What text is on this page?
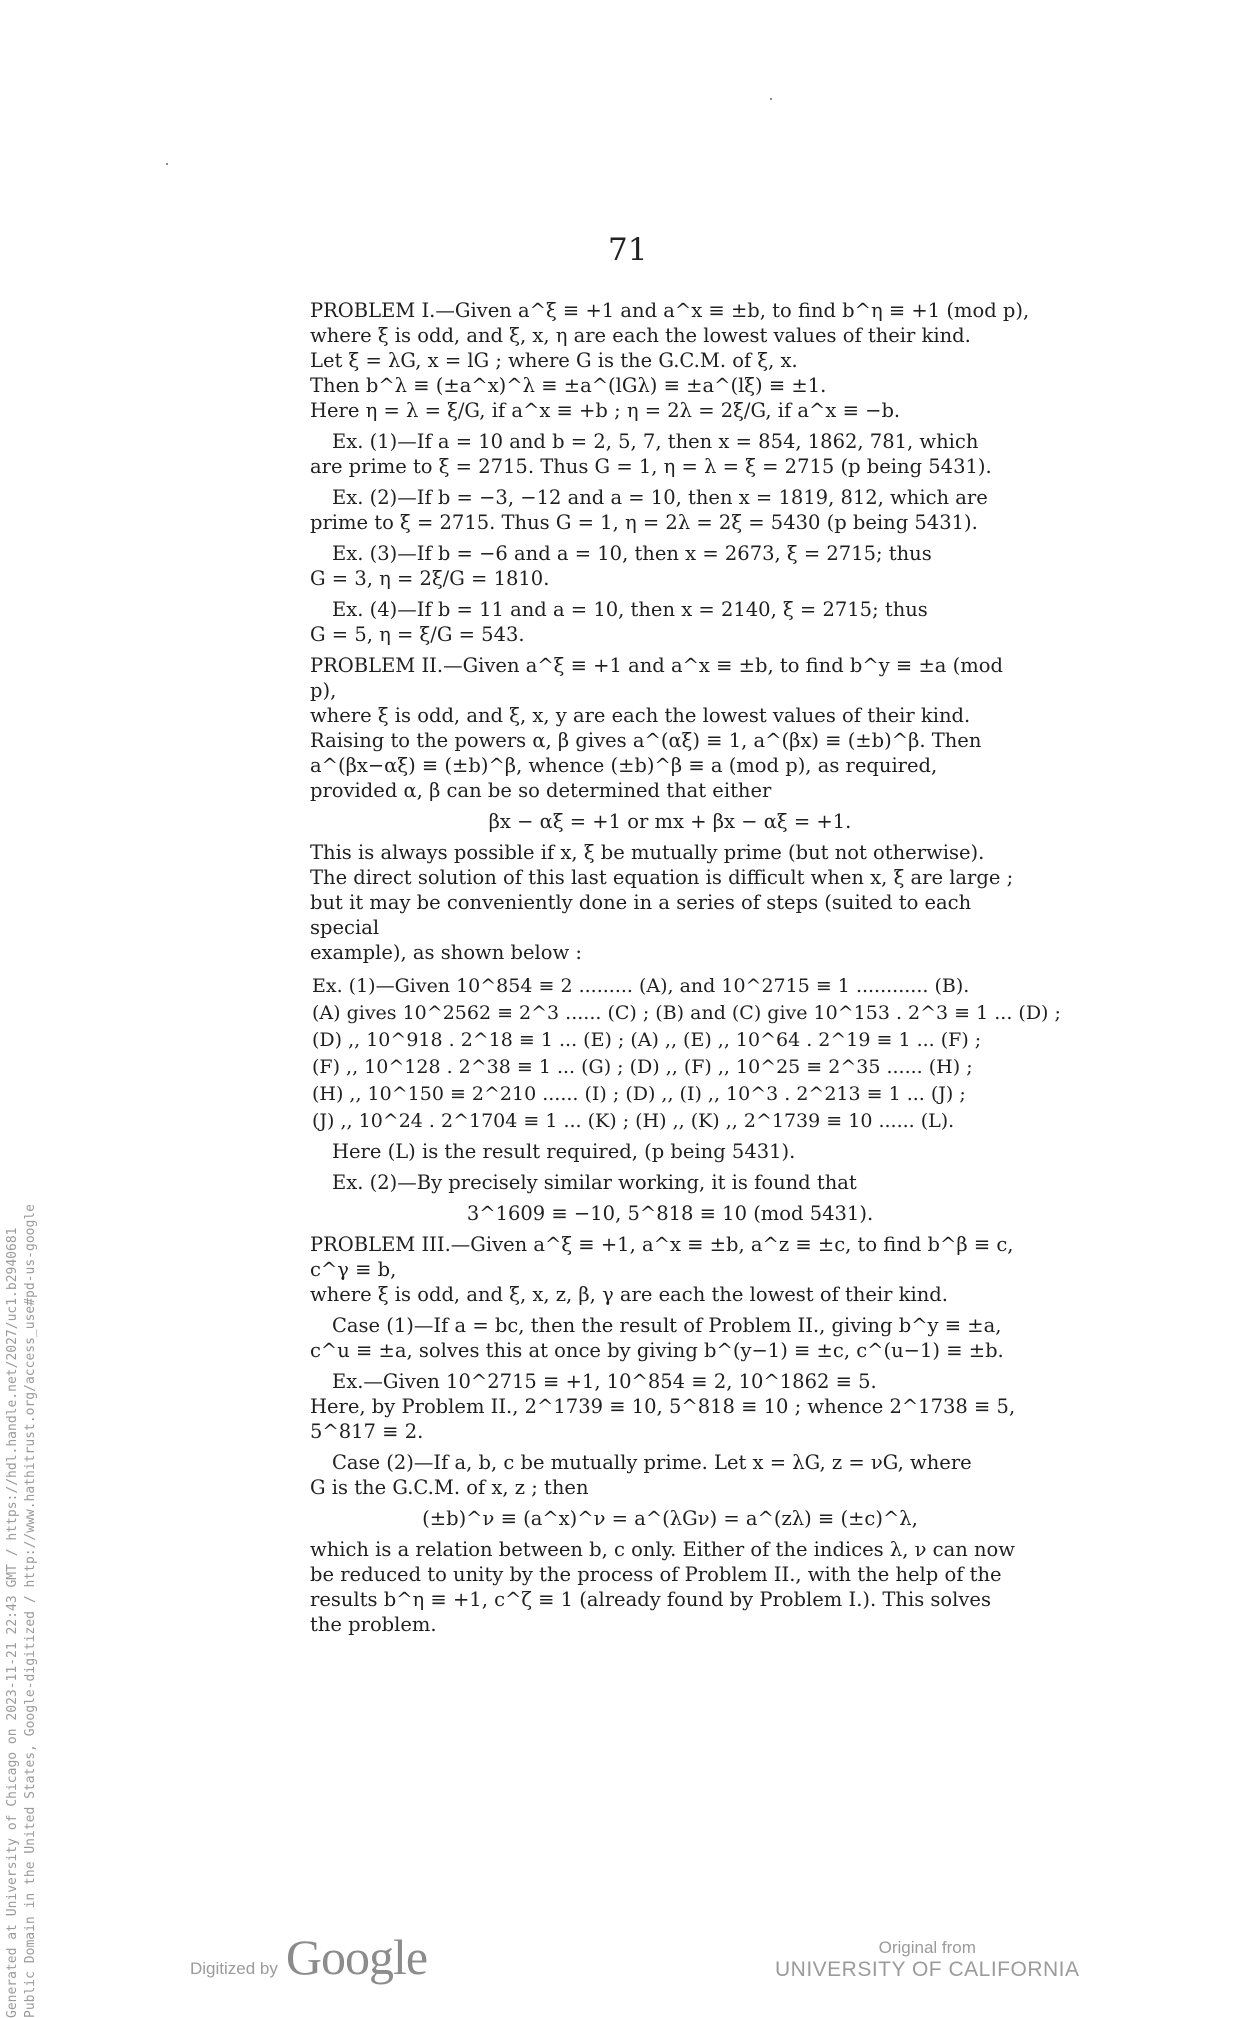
71

PROBLEM I.—Given a^ξ ≡ +1 and a^x ≡ ±b, to find b^η ≡ +1 (mod p),
where ξ is odd, and ξ, x, η are each the lowest values of their kind.
Let ξ = λG, x = lG ; where G is the G.C.M. of ξ, x.
Then b^λ ≡ (±a^x)^λ ≡ ±a^(lGλ) ≡ ±a^(lξ) ≡ ±1.
Here η = λ = ξ/G, if a^x ≡ +b ; η = 2λ = 2ξ/G, if a^x ≡ −b.

Ex. (1)—If a = 10 and b = 2, 5, 7, then x = 854, 1862, 781, which
are prime to ξ = 2715. Thus G = 1, η = λ = ξ = 2715 (p being 5431).

Ex. (2)—If b = −3, −12 and a = 10, then x = 1819, 812, which are
prime to ξ = 2715. Thus G = 1, η = 2λ = 2ξ = 5430 (p being 5431).

Ex. (3)—If b = −6 and a = 10, then x = 2673, ξ = 2715; thus
G = 3, η = 2ξ/G = 1810.

Ex. (4)—If b = 11 and a = 10, then x = 2140, ξ = 2715; thus
G = 5, η = ξ/G = 543.

PROBLEM II.—Given a^ξ ≡ +1 and a^x ≡ ±b, to find b^y ≡ ±a (mod p),
where ξ is odd, and ξ, x, y are each the lowest values of their kind.
Raising to the powers α, β gives a^(αξ) ≡ 1, a^(βx) ≡ (±b)^β. Then
a^(βx−αξ) ≡ (±b)^β, whence (±b)^β ≡ a (mod p), as required,
provided α, β can be so determined that either

βx − αξ = +1 or mx + βx − αξ = +1.

This is always possible if x, ξ be mutually prime (but not otherwise).
The direct solution of this last equation is difficult when x, ξ are large ;
but it may be conveniently done in a series of steps (suited to each special
example), as shown below :

Ex. (1)—Given 10^854 ≡ 2 ......... (A), and 10^2715 ≡ 1 ............ (B).
(A) gives 10^2562 ≡ 2^3 ...... (C) ; (B) and (C) give 10^153 . 2^3 ≡ 1 ... (D) ;
(D) ,, 10^918 . 2^18 ≡ 1 ... (E) ; (A) ,, (E) ,, 10^64 . 2^19 ≡ 1 ... (F) ;
(F) ,, 10^128 . 2^38 ≡ 1 ... (G) ; (D) ,, (F) ,, 10^25 ≡ 2^35 ...... (H) ;
(H) ,, 10^150 ≡ 2^210 ...... (I) ; (D) ,, (I) ,, 10^3 . 2^213 ≡ 1 ... (J) ;
(J) ,, 10^24 . 2^1704 ≡ 1 ... (K) ; (H) ,, (K) ,, 2^1739 ≡ 10 ...... (L).

Here (L) is the result required, (p being 5431).

Ex. (2)—By precisely similar working, it is found that

3^1609 ≡ −10, 5^818 ≡ 10 (mod 5431).

PROBLEM III.—Given a^ξ ≡ +1, a^x ≡ ±b, a^z ≡ ±c, to find b^β ≡ c, c^γ ≡ b,
where ξ is odd, and ξ, x, z, β, γ are each the lowest of their kind.

Case (1)—If a = bc, then the result of Problem II., giving b^y ≡ ±a,
c^u ≡ ±a, solves this at once by giving b^(y−1) ≡ ±c, c^(u−1) ≡ ±b.

Ex.—Given 10^2715 ≡ +1, 10^854 ≡ 2, 10^1862 ≡ 5.
Here, by Problem II., 2^1739 ≡ 10, 5^818 ≡ 10 ; whence 2^1738 ≡ 5, 5^817 ≡ 2.

Case (2)—If a, b, c be mutually prime. Let x = λG, z = νG, where
G is the G.C.M. of x, z ; then

(±b)^ν ≡ (a^x)^ν = a^(λGν) = a^(zλ) ≡ (±c)^λ,

which is a relation between b, c only. Either of the indices λ, ν can now
be reduced to unity by the process of Problem II., with the help of the
results b^η ≡ +1, c^ζ ≡ 1 (already found by Problem I.). This solves
the problem.

Generated at University of Chicago on 2023-11-21 22:43 GMT / https://hdl.handle.net/2027/uc1.b2940681 Public Domain in the United States, Google-digitized / http://www.hathitrust.org/access_use#pd-us-google	Digitized by Google	Original from
UNIVERSITY OF CALIFORNIA
